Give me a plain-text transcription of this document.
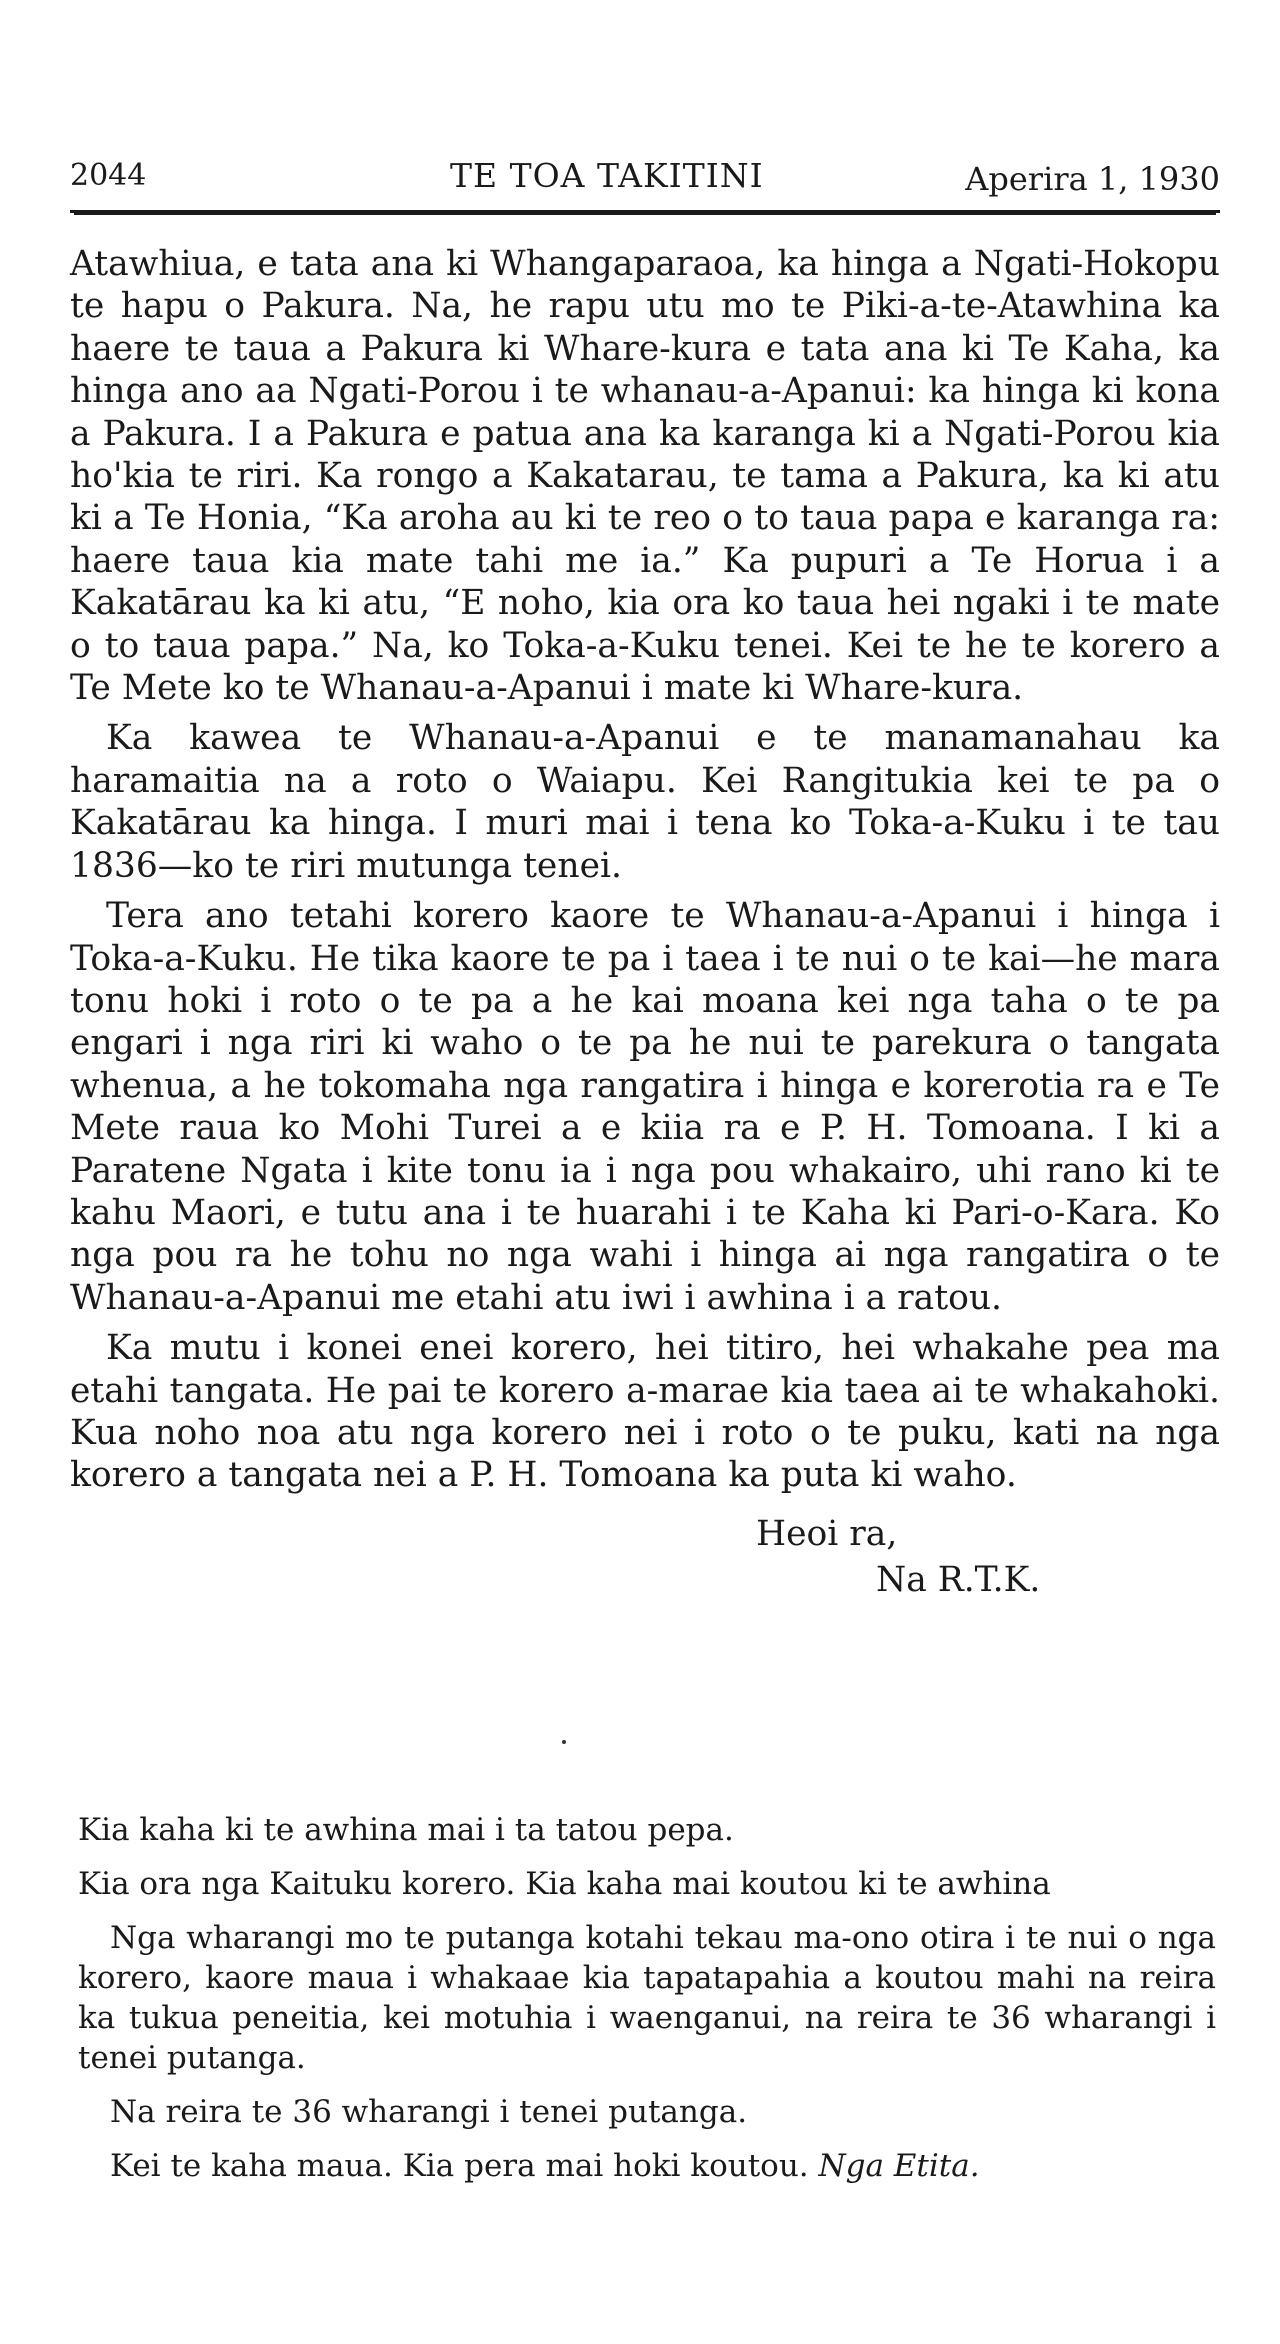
2044	TE TOA TAKITINI	Aperira 1, 1930

Atawhiua, e tata ana ki Whangaparaoa, ka hinga a Ngati-Hokopu te hapu o Pakura. Na, he rapu utu mo te Piki-a-te-Atawhina ka haere te taua a Pakura ki Whare-kura e tata ana ki Te Kaha, ka hinga ano aa Ngati-Porou i te whanau-a-Apanui: ka hinga ki kona a Pakura. I a Pakura e patua ana ka karanga ki a Ngati-Porou kia ho'kia te riri. Ka rongo a Kakatarau, te tama a Pakura, ka ki atu ki a Te Honia, “Ka aroha au ki te reo o to taua papa e karanga ra: haere taua kia mate tahi me ia.” Ka pupuri a Te Horua i a Kakatārau ka ki atu, “E noho, kia ora ko taua hei ngaki i te mate o to taua papa.” Na, ko Toka-a-Kuku tenei. Kei te he te korero a Te Mete ko te Whanau-a-Apanui i mate ki Whare-kura.

Ka kawea te Whanau-a-Apanui e te manamanahau ka haramaitia na a roto o Waiapu. Kei Rangitukia kei te pa o Kakatārau ka hinga. I muri mai i tena ko Toka-a-Kuku i te tau 1836—ko te riri mutunga tenei.

Tera ano tetahi korero kaore te Whanau-a-Apanui i hinga i Toka-a-Kuku. He tika kaore te pa i taea i te nui o te kai—he mara tonu hoki i roto o te pa a he kai moana kei nga taha o te pa engari i nga riri ki waho o te pa he nui te parekura o tangata whenua, a he tokomaha nga rangatira i hinga e korerotia ra e Te Mete raua ko Mohi Turei a e kiia ra e P. H. Tomoana. I ki a Paratene Ngata i kite tonu ia i nga pou whakairo, uhi rano ki te kahu Maori, e tutu ana i te huarahi i te Kaha ki Pari-o-Kara. Ko nga pou ra he tohu no nga wahi i hinga ai nga rangatira o te Whanau-a-Apanui me etahi atu iwi i awhina i a ratou.

Ka mutu i konei enei korero, hei titiro, hei whakahe pea ma etahi tangata. He pai te korero a-marae kia taea ai te whakahoki. Kua noho noa atu nga korero nei i roto o te puku, kati na nga korero a tangata nei a P. H. Tomoana ka puta ki waho.

Heoi ra,
Na R.T.K.

Kia kaha ki te awhina mai i ta tatou pepa.

Kia ora nga Kaituku korero. Kia kaha mai koutou ki te awhina

Nga wharangi mo te putanga kotahi tekau ma-ono otira i te nui o nga korero, kaore maua i whakaae kia tapatapahia a koutou mahi na reira ka tukua peneitia, kei motuhia i waenganui, na reira te 36 wharangi i tenei putanga.

Na reira te 36 wharangi i tenei putanga.

Kei te kaha maua. Kia pera mai hoki koutou. Nga Etita.
